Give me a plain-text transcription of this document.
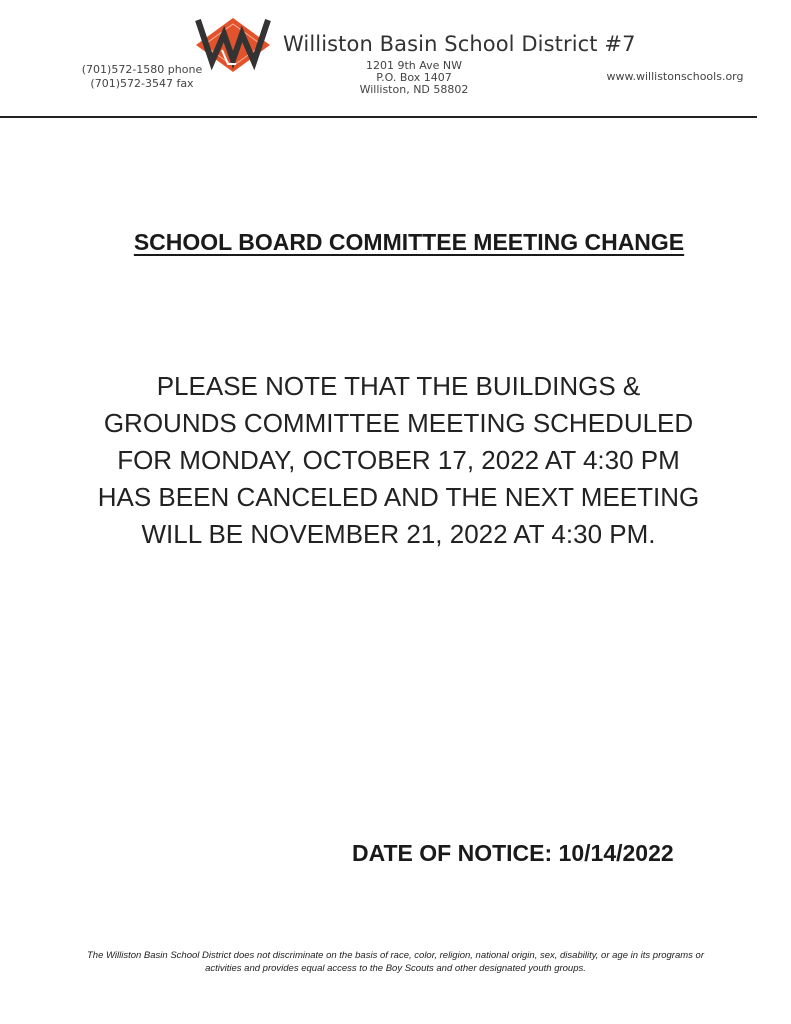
Williston Basin School District #7
1201 9th Ave NW
P.O. Box 1407
Williston, ND 58802
(701)572-1580 phone
(701)572-3547 fax
www.willistonschools.org
SCHOOL BOARD COMMITTEE MEETING CHANGE
PLEASE NOTE THAT THE BUILDINGS &
GROUNDS COMMITTEE MEETING SCHEDULED
FOR MONDAY, OCTOBER 17, 2022 AT 4:30 PM
HAS BEEN CANCELED AND THE NEXT MEETING
WILL BE NOVEMBER 21, 2022 AT 4:30 PM.
DATE OF NOTICE: 10/14/2022
The Williston Basin School District does not discriminate on the basis of race, color, religion, national origin, sex, disability, or age in its programs or
activities and provides equal access to the Boy Scouts and other designated youth groups.
